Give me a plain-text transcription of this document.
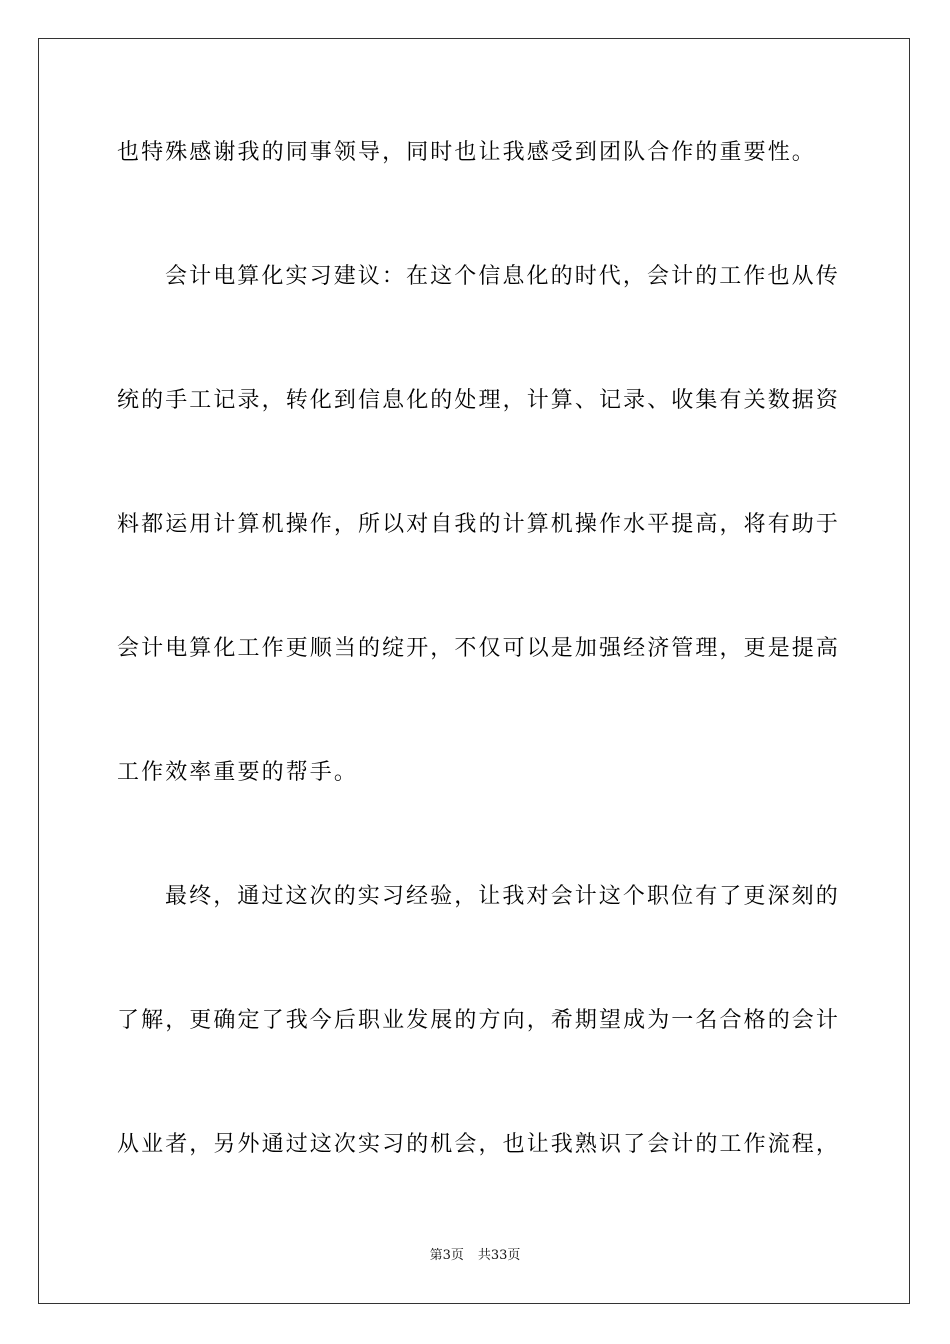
也特殊感谢我的同事领导，同时也让我感受到团队合作的重要性。
会计电算化实习建议：在这个信息化的时代，会计的工作也从传
统的手工记录，转化到信息化的处理，计算、记录、收集有关数据资
料都运用计算机操作，所以对自我的计算机操作水平提高，将有助于
会计电算化工作更顺当的绽开，不仅可以是加强经济管理，更是提高
工作效率重要的帮手。
最终，通过这次的实习经验，让我对会计这个职位有了更深刻的
了解，更确定了我今后职业发展的方向，希期望成为一名合格的会计
从业者，另外通过这次实习的机会，也让我熟识了会计的工作流程，
第3页 共33页
